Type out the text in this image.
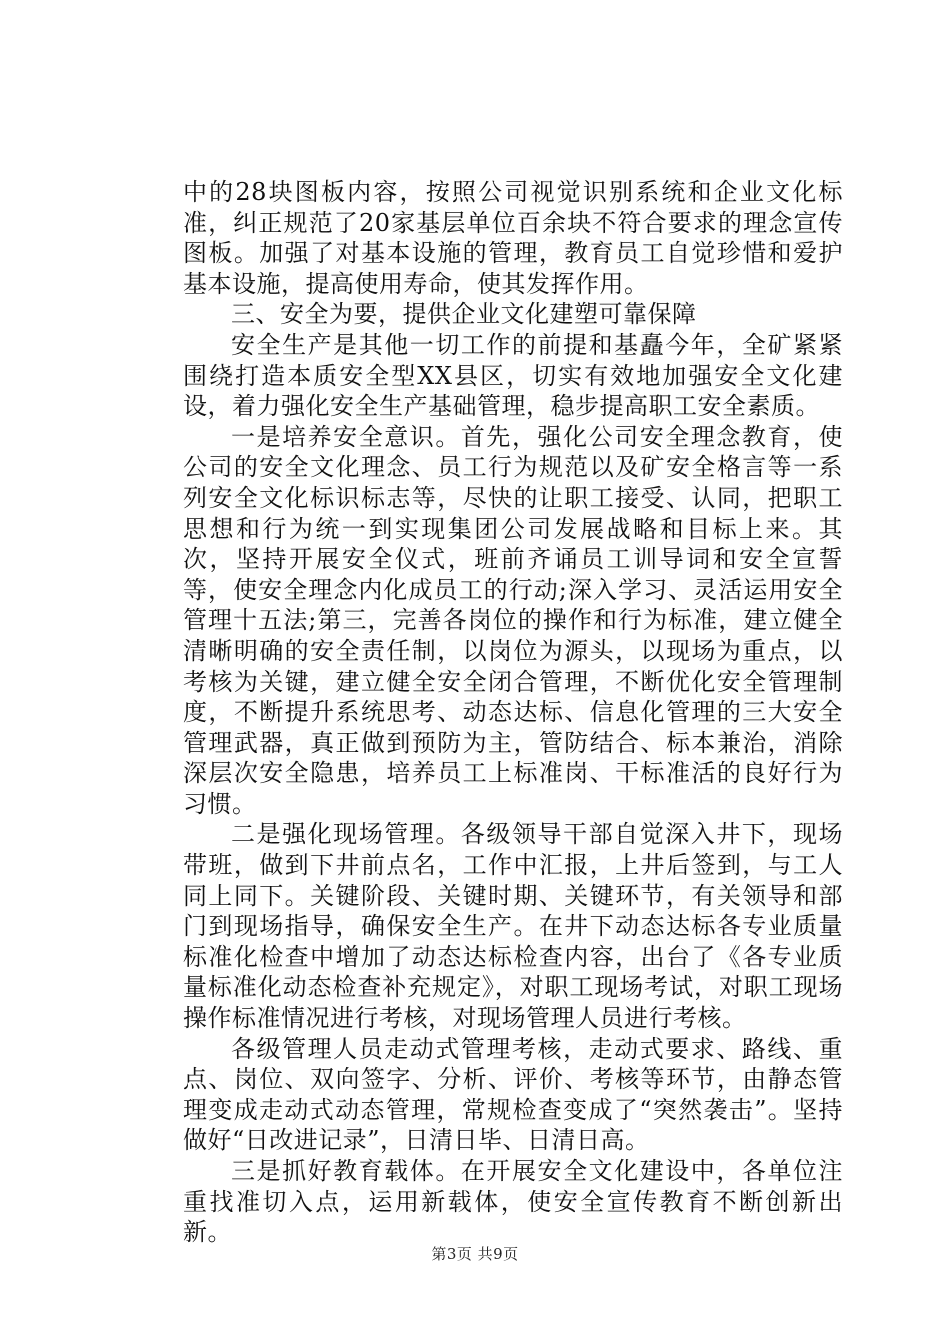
中的28块图板内容，按照公司视觉识别系统和企业文化标准，纠正规范了20家基层单位百余块不符合要求的理念宣传图板。加强了对基本设施的管理，教育员工自觉珍惜和爱护基本设施，提高使用寿命，使其发挥作用。

三、安全为要，提供企业文化建塑可靠保障

安全生产是其他一切工作的前提和基矗今年，全矿紧紧围绕打造本质安全型XX县区，切实有效地加强安全文化建设，着力强化安全生产基础管理，稳步提高职工安全素质。

一是培养安全意识。首先，强化公司安全理念教育，使公司的安全文化理念、员工行为规范以及矿安全格言等一系列安全文化标识标志等，尽快的让职工接受、认同，把职工思想和行为统一到实现集团公司发展战略和目标上来。其次，坚持开展安全仪式，班前齐诵员工训导词和安全宣誓等，使安全理念内化成员工的行动;深入学习、灵活运用安全管理十五法;第三，完善各岗位的操作和行为标准，建立健全清晰明确的安全责任制，以岗位为源头，以现场为重点，以考核为关键，建立健全安全闭合管理，不断优化安全管理制度，不断提升系统思考、动态达标、信息化管理的三大安全管理武器，真正做到预防为主，管防结合、标本兼治，消除深层次安全隐患，培养员工上标准岗、干标准活的良好行为习惯。

二是强化现场管理。各级领导干部自觉深入井下，现场带班，做到下井前点名，工作中汇报，上井后签到，与工人同上同下。关键阶段、关键时期、关键环节，有关领导和部门到现场指导，确保安全生产。在井下动态达标各专业质量标准化检查中增加了动态达标检查内容，出台了《各专业质量标准化动态检查补充规定》，对职工现场考试，对职工现场操作标准情况进行考核，对现场管理人员进行考核。

各级管理人员走动式管理考核，走动式要求、路线、重点、岗位、双向签字、分析、评价、考核等环节，由静态管理变成走动式动态管理，常规检查变成了“突然袭击”。坚持做好“日改进记录”，日清日毕、日清日高。

三是抓好教育载体。在开展安全文化建设中，各单位注重找准切入点，运用新载体，使安全宣传教育不断创新出新。

第3页 共9页
